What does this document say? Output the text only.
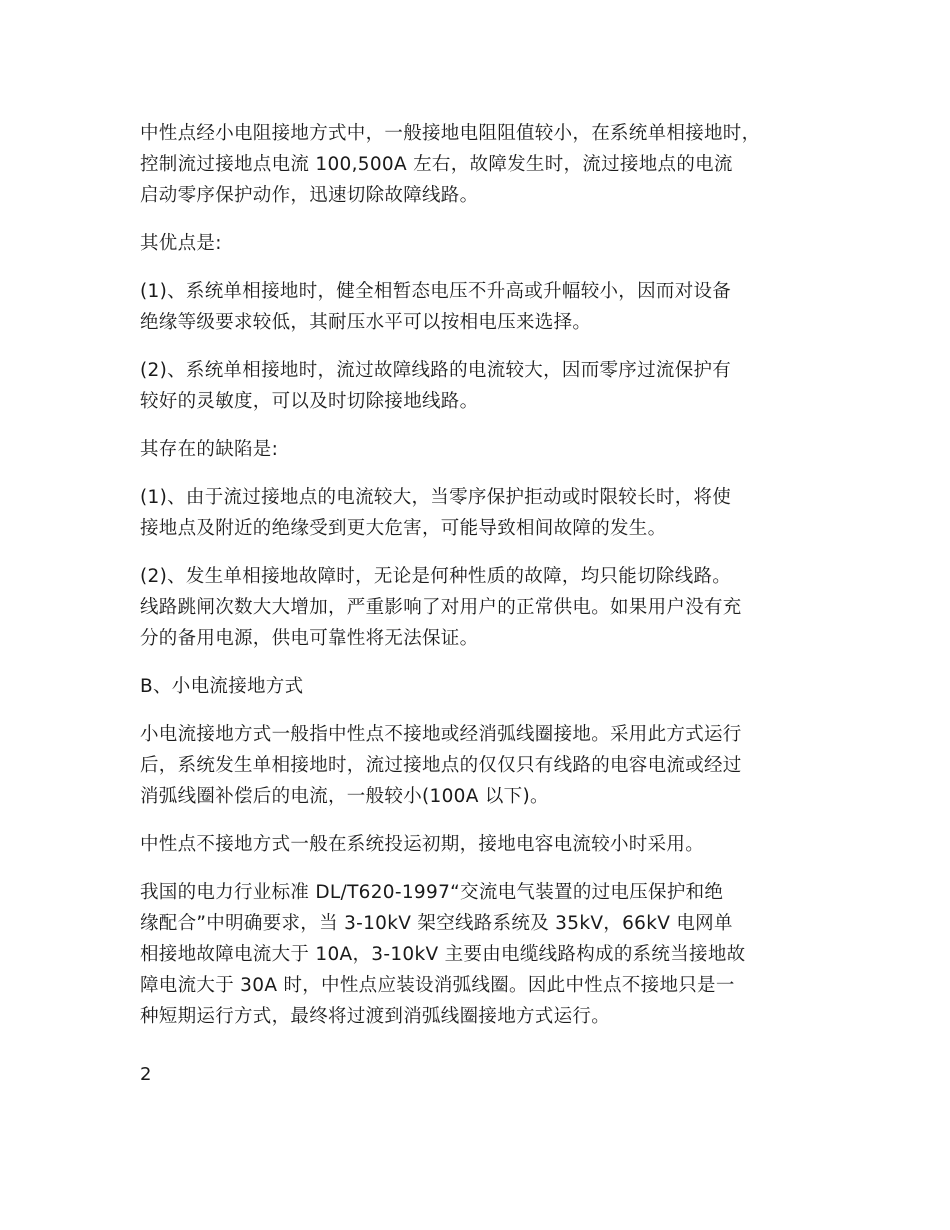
中性点经小电阻接地方式中，一般接地电阻阻值较小，在系统单相接地时，
控制流过接地点电流 100,500A 左右，故障发生时，流过接地点的电流
启动零序保护动作，迅速切除故障线路。

其优点是:

(1)、系统单相接地时，健全相暂态电压不升高或升幅较小，因而对设备
绝缘等级要求较低，其耐压水平可以按相电压来选择。

(2)、系统单相接地时，流过故障线路的电流较大，因而零序过流保护有
较好的灵敏度，可以及时切除接地线路。

其存在的缺陷是:

(1)、由于流过接地点的电流较大，当零序保护拒动或时限较长时，将使
接地点及附近的绝缘受到更大危害，可能导致相间故障的发生。

(2)、发生单相接地故障时，无论是何种性质的故障，均只能切除线路。
线路跳闸次数大大增加，严重影响了对用户的正常供电。如果用户没有充
分的备用电源，供电可靠性将无法保证。

B、小电流接地方式

小电流接地方式一般指中性点不接地或经消弧线圈接地。采用此方式运行
后，系统发生单相接地时，流过接地点的仅仅只有线路的电容电流或经过
消弧线圈补偿后的电流，一般较小(100A 以下)。

中性点不接地方式一般在系统投运初期，接地电容电流较小时采用。

我国的电力行业标准 DL/T620-1997“交流电气装置的过电压保护和绝
缘配合”中明确要求，当 3-10kV 架空线路系统及 35kV，66kV 电网单
相接地故障电流大于 10A，3-10kV 主要由电缆线路构成的系统当接地故
障电流大于 30A 时，中性点应装设消弧线圈。因此中性点不接地只是一
种短期运行方式，最终将过渡到消弧线圈接地方式运行。

2
